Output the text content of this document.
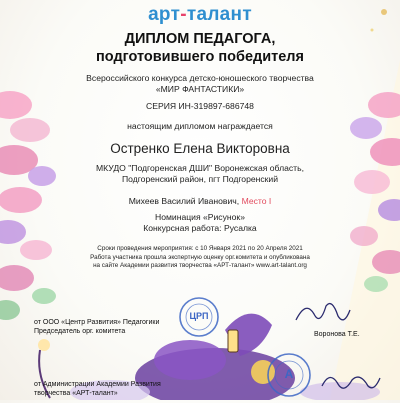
арт-талант
ДИПЛОМ ПЕДАГОГА,
подготовившего победителя
Всероссийского конкурса детско-юношеского творчества
«МИР ФАНТАСТИКИ»
СЕРИЯ ИН-319897-686748
настоящим дипломом награждается
Остренко Елена Викторовна
МКУДО "Подгоренская ДШИ" Воронежская область,
Подгоренский район, пгт Подгоренский
Михеев Василий Иванович, Место I
Номинация «Рисунок»
Конкурсная работа: Русалка
Сроки проведения мероприятия: с 10 Января 2021 по 20 Апреля 2021
Работа участника прошла экспертную оценку орг.комитета и опубликована
на сайте Академии развития творчества «АРТ-талант» www.art-talant.org
от ООО «Центр Развития» Педагогики
Председатель орг. комитета
ЦРП
Воронова Т.Е.
А
от Администрации Академии Развития
творчества «АРТ-талант»
